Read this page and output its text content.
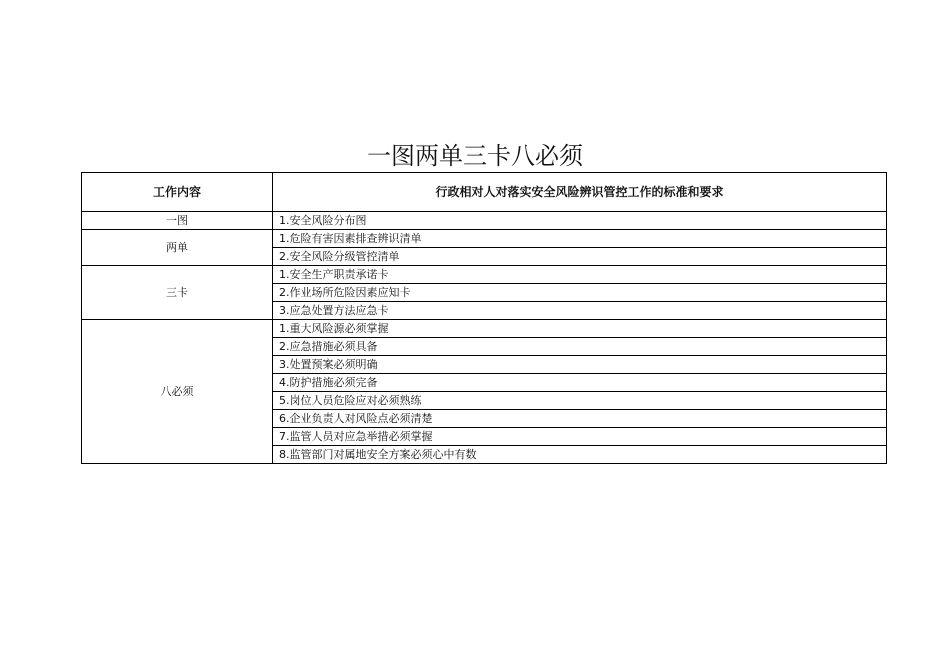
一图两单三卡八必须
工作内容	行政相对人对落实安全风险辨识管控工作的标准和要求
一图	1.安全风险分布图
两单	1.危险有害因素排查辨识清单
	2.安全风险分级管控清单
三卡	1.安全生产职责承诺卡
	2.作业场所危险因素应知卡
	3.应急处置方法应急卡
八必须	1.重大风险源必须掌握
	2.应急措施必须具备
	3.处置预案必须明确
	4.防护措施必须完备
	5.岗位人员危险应对必须熟练
	6.企业负责人对风险点必须清楚
	7.监管人员对应急举措必须掌握
	8.监管部门对属地安全方案必须心中有数
